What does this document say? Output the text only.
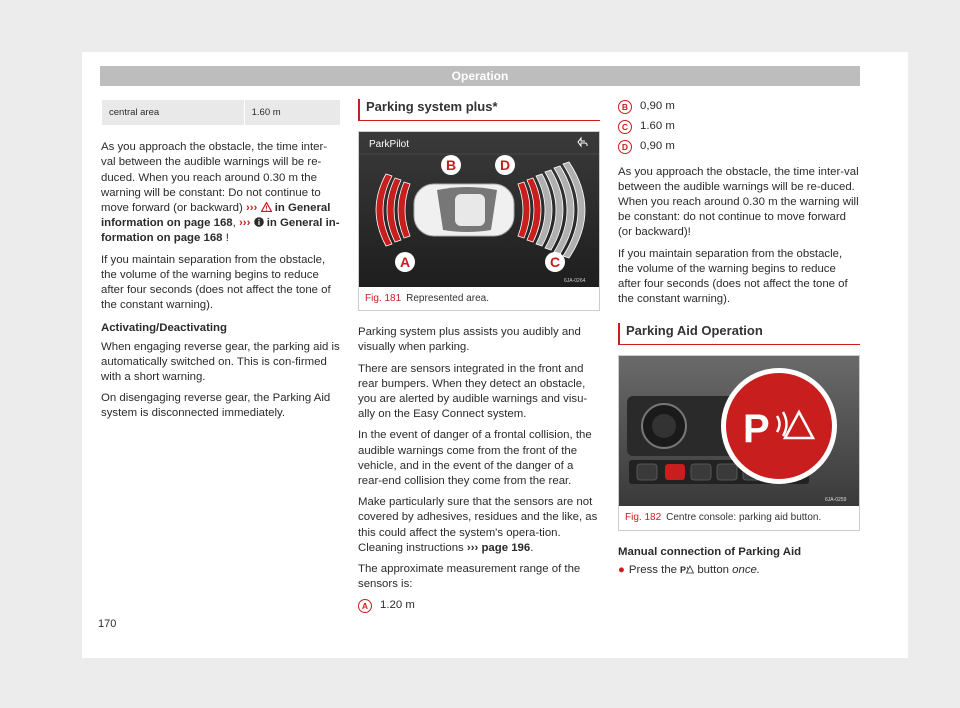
Operation
central area	1.60 m

As you approach the obstacle, the time inter-val between the audible warnings will be re-duced. When you reach around 0.30 m the warning will be constant: Do not continue to move forward (or backward) ›››  in General information on page 168, ›››  in General in-formation on page 168 !

If you maintain separation from the obstacle, the volume of the warning begins to reduce after four seconds (does not affect the tone of the constant warning).

Activating/Deactivating

When engaging reverse gear, the parking aid is automatically switched on. This is con-firmed with a short warning.

On disengaging reverse gear, the Parking Aid system is disconnected immediately.

Parking system plus*
ParkPilot
B	D
A	C
6JA-0264
Fig. 181 Represented area.

Parking system plus assists you audibly and visually when parking.

There are sensors integrated in the front and rear bumpers. When they detect an obstacle, you are alerted by audible warnings and visu-ally on the Easy Connect system.

In the event of danger of a frontal collision, the audible warnings come from the front of the vehicle, and in the event of the danger of a rear-end collision they come from the rear.

Make particularly sure that the sensors are not covered by adhesives, residues and the like, as this could affect the system's opera-tion. Cleaning instructions ››› page 196.

The approximate measurement range of the sensors is:

A	1.20 m
B	0,90 m
C	1.60 m
D	0,90 m

As you approach the obstacle, the time inter-val between the audible warnings will be re-duced. When you reach around 0.30 m the warning will be constant: do not continue to move forward (or backward)!

If you maintain separation from the obstacle, the volume of the warning begins to reduce after four seconds (does not affect the tone of the constant warning).

Parking Aid Operation
P
6JA-0259
Fig. 182 Centre console: parking aid button.

Manual connection of Parking Aid

● Press the P button once.

170
